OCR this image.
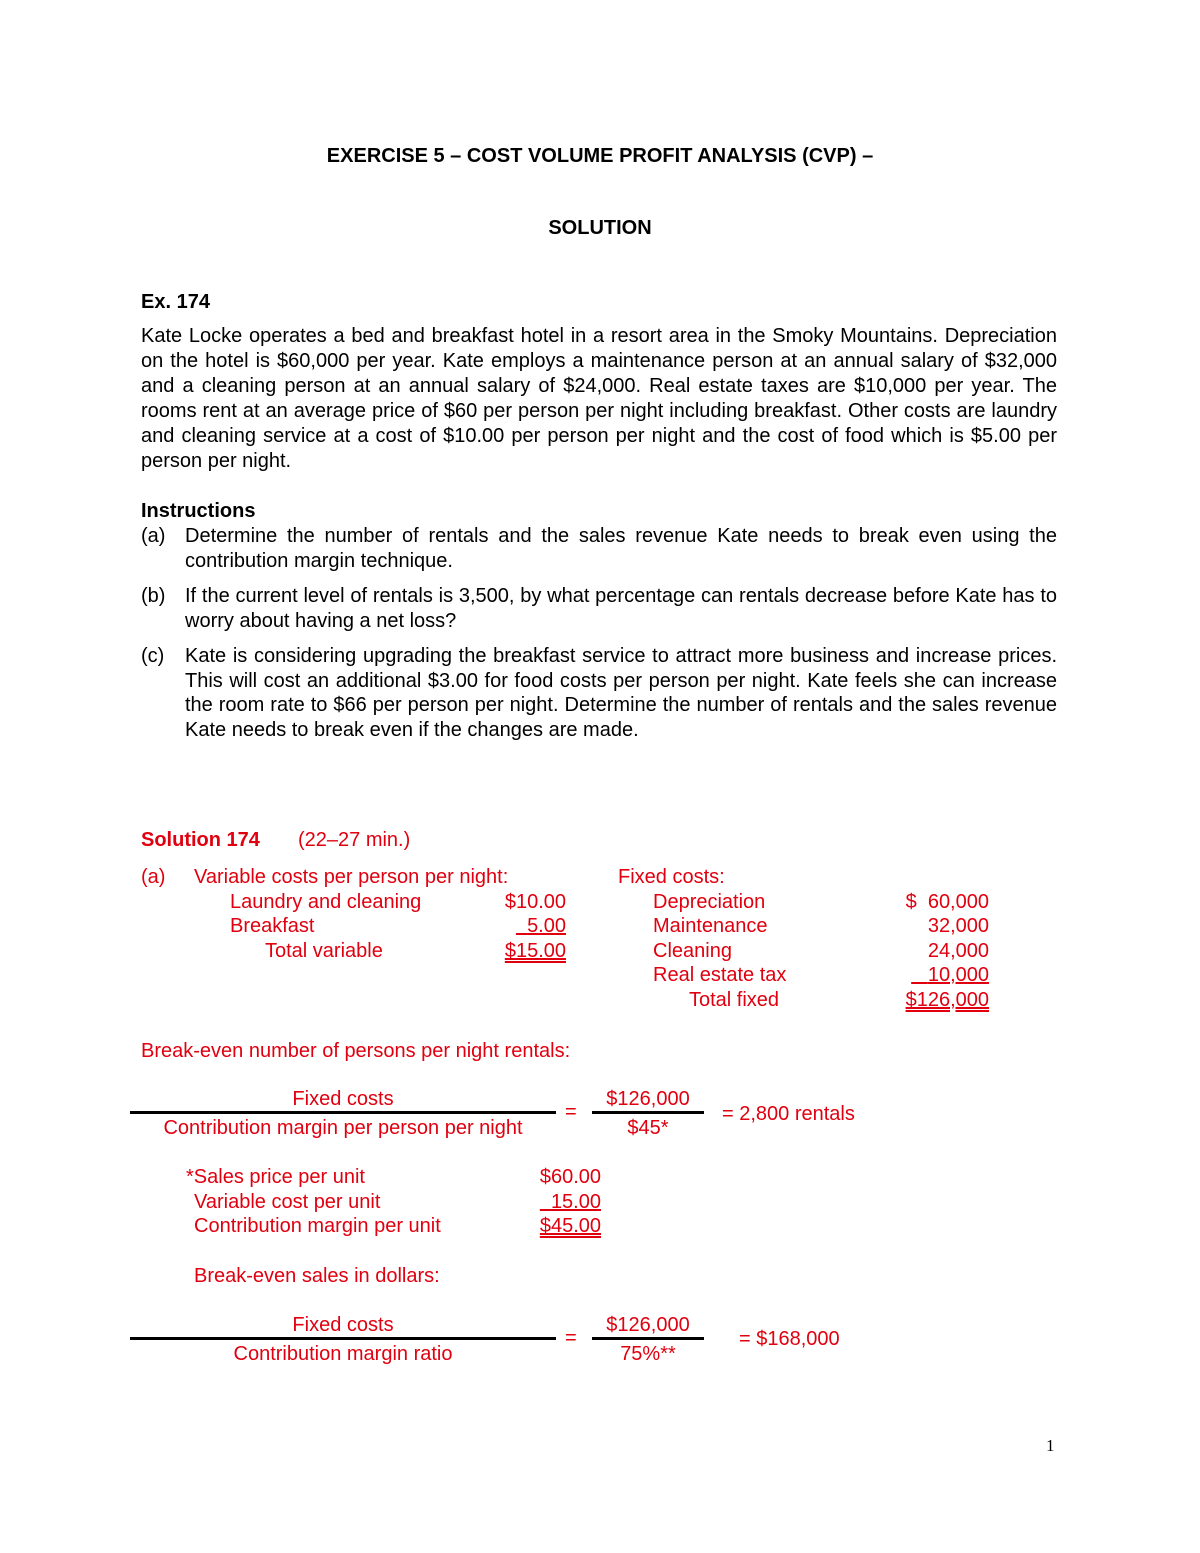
EXERCISE 5 – COST VOLUME PROFIT ANALYSIS (CVP) –
SOLUTION
Ex. 174
Kate Locke operates a bed and breakfast hotel in a resort area in the Smoky Mountains. Depreciation on the hotel is $60,000 per year. Kate employs a maintenance person at an annual salary of $32,000 and a cleaning person at an annual salary of $24,000. Real estate taxes are $10,000 per year. The rooms rent at an average price of $60 per person per night including breakfast. Other costs are laundry and cleaning service at a cost of $10.00 per person per night and the cost of food which is $5.00 per person per night.
Instructions
(a) Determine the number of rentals and the sales revenue Kate needs to break even using the contribution margin technique.
(b) If the current level of rentals is 3,500, by what percentage can rentals decrease before Kate has to worry about having a net loss?
(c) Kate is considering upgrading the breakfast service to attract more business and increase prices. This will cost an additional $3.00 for food costs per person per night. Kate feels she can increase the room rate to $66 per person per night. Determine the number of rentals and the sales revenue Kate needs to break even if the changes are made.
Solution 174 (22–27 min.)
(a) Variable costs per person per night:
Laundry and cleaning	$10.00
Breakfast	5.00
Total variable	$15.00
Fixed costs:
Depreciation	$  60,000
Maintenance	32,000
Cleaning	24,000
Real estate tax	10,000
Total fixed	$126,000
Break-even number of persons per night rentals:
Fixed costs
Contribution margin per person per night
=
$126,000
$45*
= 2,800 rentals
*Sales price per unit	$60.00
Variable cost per unit	15.00
Contribution margin per unit	$45.00
Break-even sales in dollars:
Fixed costs
Contribution margin ratio
=
$126,000
75%**
= $168,000
1
